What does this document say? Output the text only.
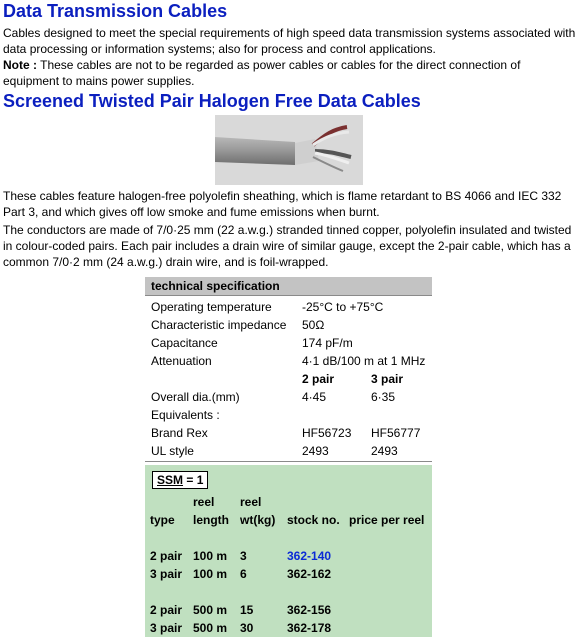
Data Transmission Cables

Cables designed to meet the special requirements of high speed data transmission systems associated with data processing or information systems; also for process and control applications.
Note : These cables are not to be regarded as power cables or cables for the direct connection of equipment to mains power supplies.

Screened Twisted Pair Halogen Free Data Cables

These cables feature halogen-free polyolefin sheathing, which is flame retardant to BS 4066 and IEC 332 Part 3, and which gives off low smoke and fume emissions when burnt.

The conductors are made of 7/0·25 mm (22 a.w.g.) stranded tinned copper, polyolefin insulated and twisted in colour-coded pairs. Each pair includes a drain wire of similar gauge, except the 2-pair cable, which has a common 7/0·2 mm (24 a.w.g.) drain wire, and is foil-wrapped.

technical specification
Operating temperature	-25°C to +75°C	
Characteristic impedance	50Ω	
Capacitance	174 pF/m	
Attenuation	4·1 dB/100 m at 1 MHz	
	2 pair	3 pair
Overall dia.(mm)	4·45	6·35
Equivalents :		
Brand Rex	HF56723	HF56777
UL style	2493	2493
SSM = 1
	reel	reel		
type	length	wt(kg)	stock no.	price per reel

2 pair	100 m	3	362-140	
3 pair	100 m	6	362-162	

2 pair	500 m	15	362-156	
3 pair	500 m	30	362-178	
